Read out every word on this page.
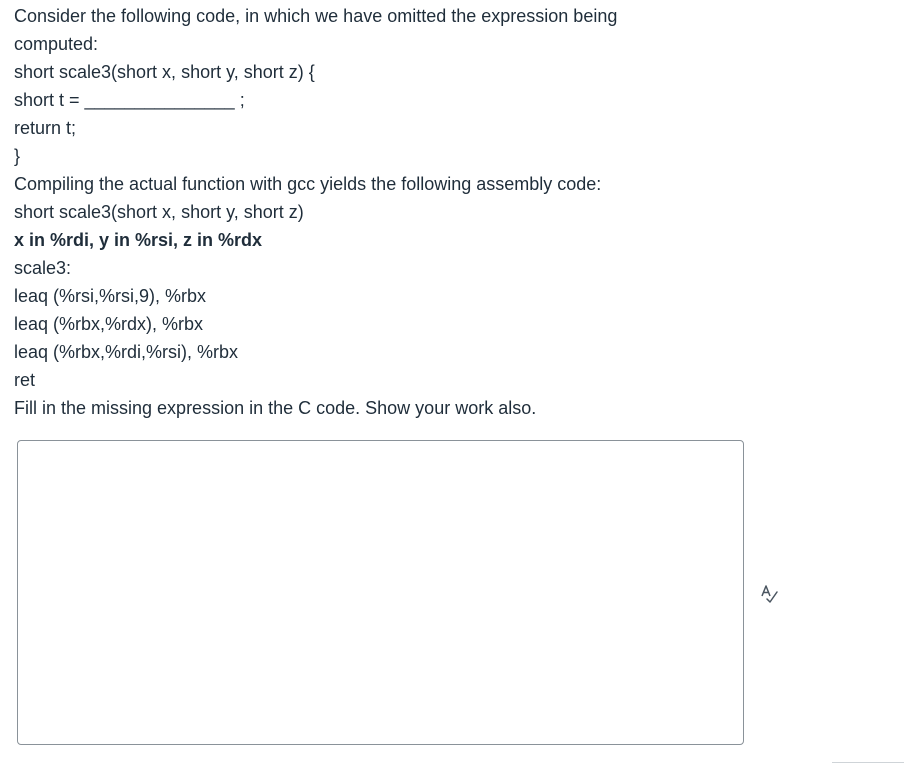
Consider the following code, in which we have omitted the expression being computed:
short scale3(short x, short y, short z) {
short t = _______________ ;
return t;
}
Compiling the actual function with gcc yields the following assembly code:
short scale3(short x, short y, short z)
x in %rdi, y in %rsi, z in %rdx
scale3:
leaq (%rsi,%rsi,9), %rbx
leaq (%rbx,%rdx), %rbx
leaq (%rbx,%rdi,%rsi), %rbx
ret
Fill in the missing expression in the C code. Show your work also.
